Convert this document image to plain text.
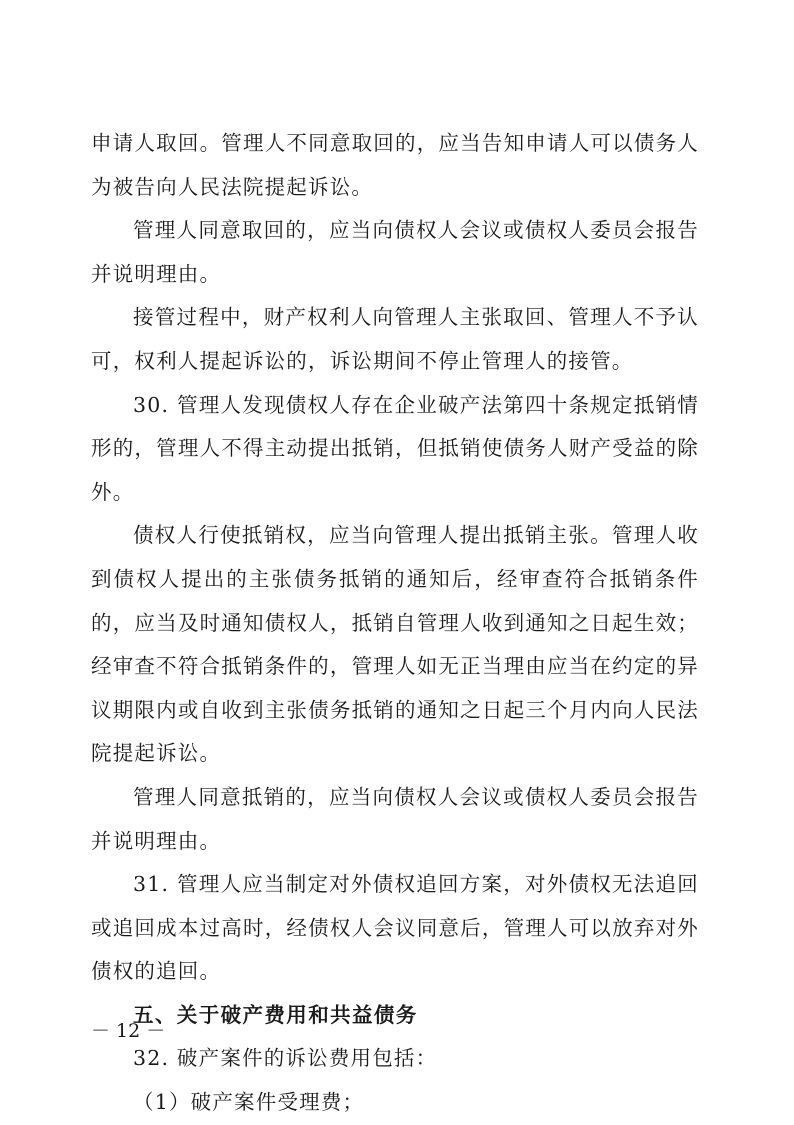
申请人取回。管理人不同意取回的，应当告知申请人可以债务人为被告向人民法院提起诉讼。

管理人同意取回的，应当向债权人会议或债权人委员会报告并说明理由。

接管过程中，财产权利人向管理人主张取回、管理人不予认可，权利人提起诉讼的，诉讼期间不停止管理人的接管。

30. 管理人发现债权人存在企业破产法第四十条规定抵销情形的，管理人不得主动提出抵销，但抵销使债务人财产受益的除外。

债权人行使抵销权，应当向管理人提出抵销主张。管理人收到债权人提出的主张债务抵销的通知后，经审查符合抵销条件的，应当及时通知债权人，抵销自管理人收到通知之日起生效；经审查不符合抵销条件的，管理人如无正当理由应当在约定的异议期限内或自收到主张债务抵销的通知之日起三个月内向人民法院提起诉讼。

管理人同意抵销的，应当向债权人会议或债权人委员会报告并说明理由。

31. 管理人应当制定对外债权追回方案，对外债权无法追回或追回成本过高时，经债权人会议同意后，管理人可以放弃对外债权的追回。

五、关于破产费用和共益债务

32. 破产案件的诉讼费用包括：

（1）破产案件受理费；

－ 12 －
